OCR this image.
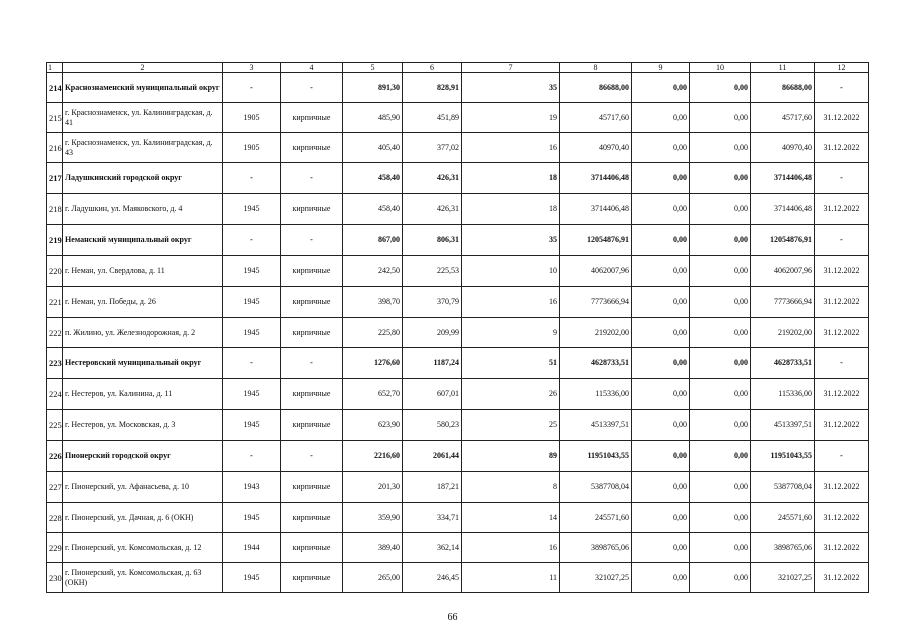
1	2	3	4	5	6	7	8	9	10	11	12
214	Краснознаменский муниципальный округ	-	-	891,30	828,91	35	86688,00	0,00	0,00	86688,00	-
215	г. Краснознаменск, ул. Калининградская, д. 41	1905	кирпичные	485,90	451,89	19	45717,60	0,00	0,00	45717,60	31.12.2022
216	г. Краснознаменск, ул. Калининградская, д. 43	1905	кирпичные	405,40	377,02	16	40970,40	0,00	0,00	40970,40	31.12.2022
217	Ладушкинский городской округ	-	-	458,40	426,31	18	3714406,48	0,00	0,00	3714406,48	-
218	г. Ладушкин, ул. Маяковского, д. 4	1945	кирпичные	458,40	426,31	18	3714406,48	0,00	0,00	3714406,48	31.12.2022
219	Неманский муниципальный округ	-	-	867,00	806,31	35	12054876,91	0,00	0,00	12054876,91	-
220	г. Неман, ул. Свердлова, д. 11	1945	кирпичные	242,50	225,53	10	4062007,96	0,00	0,00	4062007,96	31.12.2022
221	г. Неман, ул. Победы, д. 26	1945	кирпичные	398,70	370,79	16	7773666,94	0,00	0,00	7773666,94	31.12.2022
222	п. Жилино, ул. Железнодорожная, д. 2	1945	кирпичные	225,80	209,99	9	219202,00	0,00	0,00	219202,00	31.12.2022
223	Нестеровский муниципальный округ	-	-	1276,60	1187,24	51	4628733,51	0,00	0,00	4628733,51	-
224	г. Нестеров, ул. Калинина, д. 11	1945	кирпичные	652,70	607,01	26	115336,00	0,00	0,00	115336,00	31.12.2022
225	г. Нестеров, ул. Московская, д. 3	1945	кирпичные	623,90	580,23	25	4513397,51	0,00	0,00	4513397,51	31.12.2022
226	Пионерский городской округ	-	-	2216,60	2061,44	89	11951043,55	0,00	0,00	11951043,55	-
227	г. Пионерский, ул. Афанасьева, д. 10	1943	кирпичные	201,30	187,21	8	5387708,04	0,00	0,00	5387708,04	31.12.2022
228	г. Пионерский, ул. Дачная, д. 6 (ОКН)	1945	кирпичные	359,90	334,71	14	245571,60	0,00	0,00	245571,60	31.12.2022
229	г. Пионерский, ул. Комсомольская, д. 12	1944	кирпичные	389,40	362,14	16	3898765,06	0,00	0,00	3898765,06	31.12.2022
230	г. Пионерский, ул. Комсомольская, д. 63 (ОКН)	1945	кирпичные	265,00	246,45	11	321027,25	0,00	0,00	321027,25	31.12.2022
66
